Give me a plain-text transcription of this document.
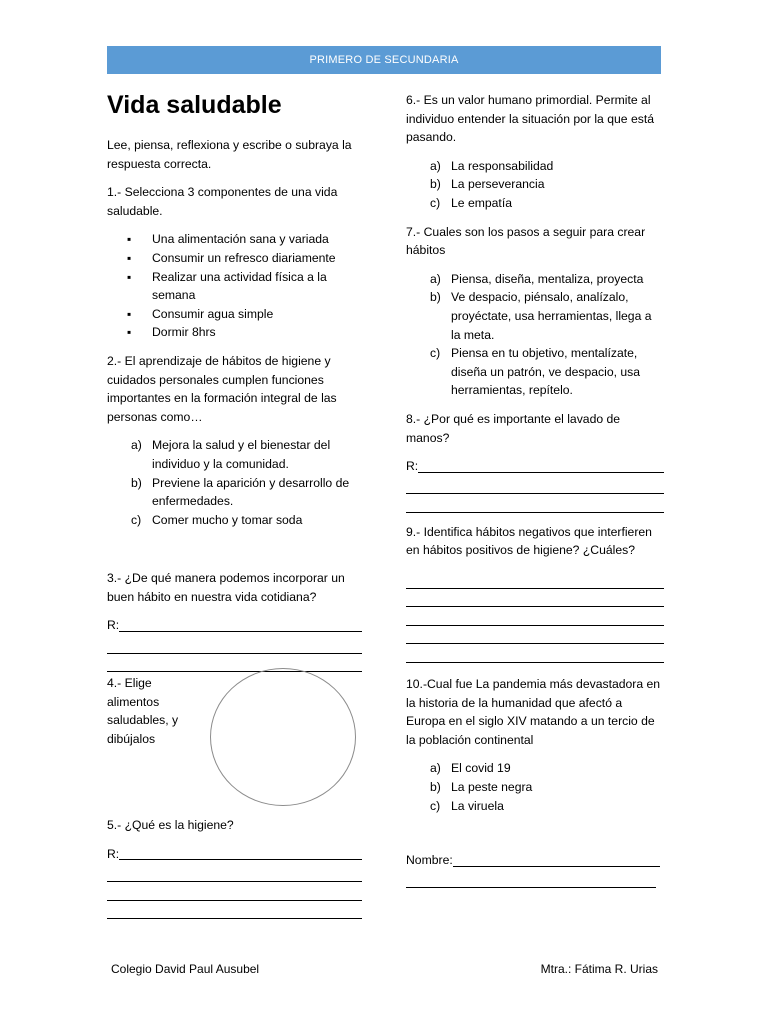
PRIMERO DE SECUNDARIA
Vida saludable

Lee, piensa, reflexiona y escribe o subraya la respuesta correcta.

1.- Selecciona 3 componentes de una vida saludable.

▪ Una alimentación sana y variada
▪ Consumir un refresco diariamente
▪ Realizar una actividad física a la semana
▪ Consumir agua simple
▪ Dormir 8hrs

2.- El aprendizaje de hábitos de higiene y cuidados personales cumplen funciones importantes en la formación integral de las personas como…

a) Mejora la salud y el bienestar del individuo y la comunidad.
b) Previene la aparición y desarrollo de enfermedades.
c) Comer mucho y tomar soda

3.- ¿De qué manera podemos incorporar un buen hábito en nuestra vida cotidiana?

R:

4.- Elige alimentos saludables, y dibújalos

5.- ¿Qué es la higiene?

R:

6.- Es un valor humano primordial. Permite al individuo entender la situación por la que está pasando.

a) La responsabilidad
b) La perseverancia
c) Le empatía

7.- Cuales son los pasos a seguir para crear hábitos

a) Piensa, diseña, mentaliza, proyecta
b) Ve despacio, piénsalo, analízalo, proyéctate, usa herramientas, llega a la meta.
c) Piensa en tu objetivo, mentalízate, diseña un patrón, ve despacio, usa herramientas, repítelo.

8.- ¿Por qué es importante el lavado de manos?

R:

9.- Identifica hábitos negativos que interfieren en hábitos positivos de higiene? ¿Cuáles?

10.-Cual fue La pandemia más devastadora en la historia de la humanidad que afectó a Europa en el siglo XIV matando a un tercio de la población continental

a) El covid 19
b) La peste negra
c) La viruela
Nombre:
Colegio David Paul Ausubel	Mtra.: Fátima R. Urias
